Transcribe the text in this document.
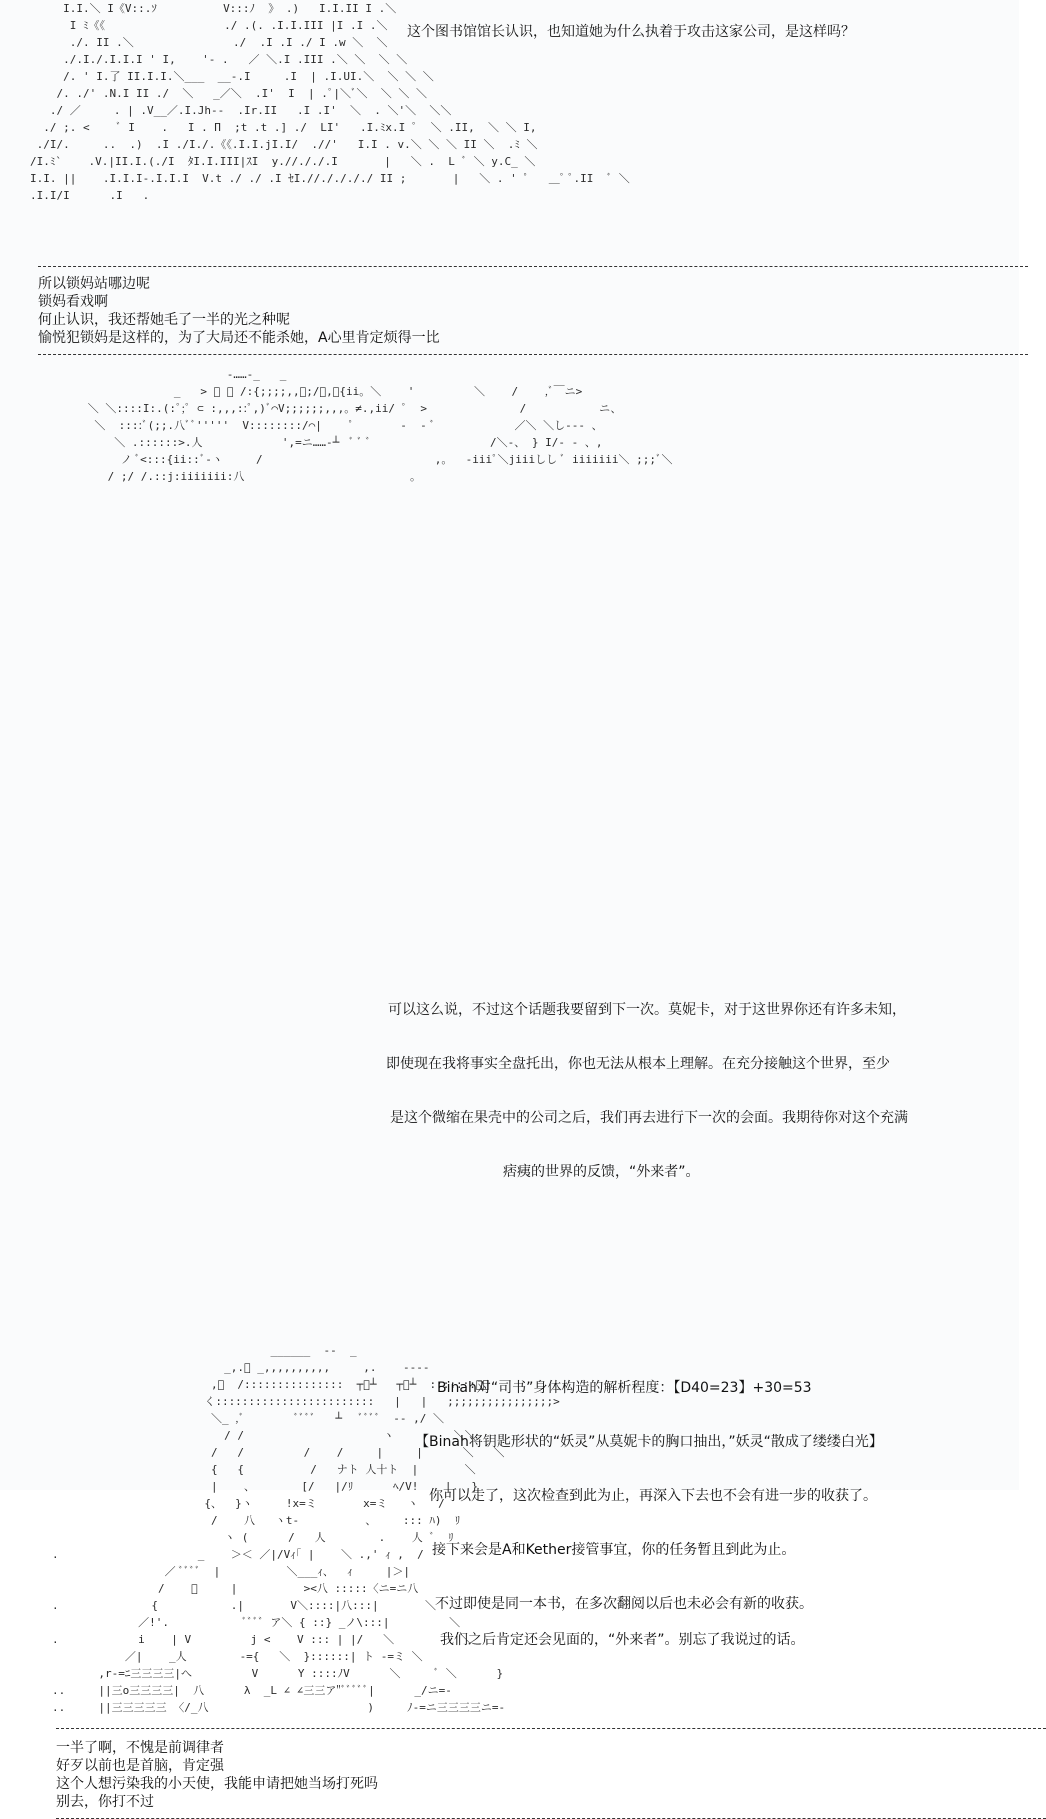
I.I.＼ I《V::.ｿ          V:::ﾉ  》 .)   I.I.II I .＼
I ﾐ《《                  ./ .(. .I.I.III |I .I .＼
./. II .＼               ./  .I .I ./ I .w ＼  ＼
./.I./.I.I.I ' I,    '‐ .   ／ ＼.I .III .＼ ＼  ＼ ＼
/. ' I.了 II.I.I.＼___  __-.I     .I  | .I.UI.＼  ＼ ＼ ＼
/. ./' .N.I II ./  ＼   _／＼  .I'  I  | .ﾟ|＼ﾞ＼  ＼ ＼ ＼
./ ／     . | .V__／.I.Jh--  .Ir.II   .I .I'  ＼  . ＼'＼  ＼＼
./ ;. <    ﾞ I    .   I . П  ;t .t .] ./  LI'   .I.ﾐx.I ﾟ  ＼ .II,  ＼ ＼ I,
./I/.     ..  .)  .I ./I./.《《.I.I.jI.I/  .//'   I.I . v.＼ ＼ ＼ II ＼  .ﾐ ＼
/I.ﾐ`    .V.|II.I.(./I  ﾀI.I.III|ｽI  y.//././.I       |   ＼ .  L ﾞ ＼ y.C_ ＼
I.I. ||    .I.I.I-.I.I.I  V.t ./ ./ .I ｾI.//././././ II ;       |   ＼ . ' ﾟ   ＿ﾟ ﾟ.II  ﾞ ＼
.I.I/I      .I   .

这个图书馆馆长认识，也知道她为什么执着于攻击这家公司，是这样吗？

所以锁妈站哪边呢

锁妈看戏啊

何止认识，我还帮她毛了一半的光之种呢

愉悦犯锁妈是这样的，为了大局还不能杀她，A心里肯定烦得一比

-……-_   _
_   > ﾞ ﾟ /:{;;;;,,＼;/ー,。{ii。＼    '         ＼    /    ,ﾞ￣ニ>
＼ ＼::::I:.(:ﾟ;ﾟ ⊂ :,,,::ﾟ,)ﾞ⌒V;;;;;;,,,。≠.,ii/ ﾟ  >              /           ニ、
＼  ::::ﾞ(;;.八ﾞﾞ'''''  V::::::::/⌒|    ﾟ       -  ‐ ﾞ            ／＼ ＼し‐‐‐ 、
＼ .::::::>.人            ',=ニ……‐┴  ﾞ ﾞ ﾞ                  /＼‐、 } I/‐ ‐ 、,
ノ ﾞ<:::{ii::ﾞ‐ヽ     /                          ,。  ‐iiiﾟ＼jiiiしし ﾞ iiiiiii＼ ;;;ﾞ＼
/ ;/ /.::j:iiiiiii:八                         。

可以这么说，不过这个话题我要留到下一次。莫妮卡，对于这世界你还有许多未知，

即使现在我将事实全盘托出，你也无法从根本上理解。在充分接触这个世界，至少

是这个微缩在果壳中的公司之后，我们再去进行下一次的会面。我期待你对这个充满

痞痍的世界的反馈，“外来者”。

______  ‐‐  _
_,.ﾟ _,,,,,,,,,,     ,.    ‐‐‐-
,ﾞ  /:::::::::::::::  ┬ﾞ┴   ┬ﾞ┴  :::::::ﾞ＼
く::::::::::::::::::::::::   |   |   ;;;;;;;;;;;;;;;;>
＼_ ,ﾞ        ﾞﾞﾞﾞ   ┴   ﾞﾞﾞﾞ  ‐‐ ,/ ＼
/ /                     ヽ         ＼＼
/   /         /    /     |     |      ＼   ＼
{   {          /   ナト 人十ト  |       ＼
|    、       [/   |/ﾘ      ﾍ/V!    |   }
{、  }ヽ     !x=ミ       x=ミ   ヽ   /
/    八   ヽt‐          、    ::: ﾊ)  ﾘ
ヽ (      /   人        .    人 ﾞ  ﾘ
.                     _    ＞＜ ／|/Vｨ｢ |    ＼ .,' ｨ ,  /
／ ﾞﾞﾞﾞ  |          ＼___ｨ、  ｨ     |＞|
/    ﾞ     |          ><八 :::::〈ニ=ニ八
.              {           .|       V＼::::|八:::|       ＼
／!'.           ﾞﾞﾞﾞ ア＼ { ::} _ノ\:::|         ＼
.            i    | V         j <    V ::: | |/   ＼          ＼
／|    _人        ‐={   ＼  }::::::| ト ‐=ミ ＼
,r‐=ﾆ三三三三|へ         V      Y ::::ﾉV      ＼     ﾞ ＼      }
..     ||三o三三三三|  八      λ  _L ∠ ∠三三ア"ﾞﾞﾞﾞﾞ|      _/ニ=-
..     ||三三三三三 〈/_八                        )     ﾉ‐=ニ三三三三ニ=-

Binah对“司书”身体构造的解析程度：【D40=23】+30=53

【Binah将钥匙形状的“妖灵”从莫妮卡的胸口抽出，”妖灵“散成了缕缕白光】

你可以走了，这次检查到此为止，再深入下去也不会有进一步的收获了。

接下来会是A和Kether接管事宜，你的任务暂且到此为止。

不过即使是同一本书，在多次翻阅以后也未必会有新的收获。

我们之后肯定还会见面的，“外来者”。别忘了我说过的话。

一半了啊，不愧是前调律者

好歹以前也是首脑，肯定强

这个人想污染我的小天使，我能申请把她当场打死吗

别去，你打不过
